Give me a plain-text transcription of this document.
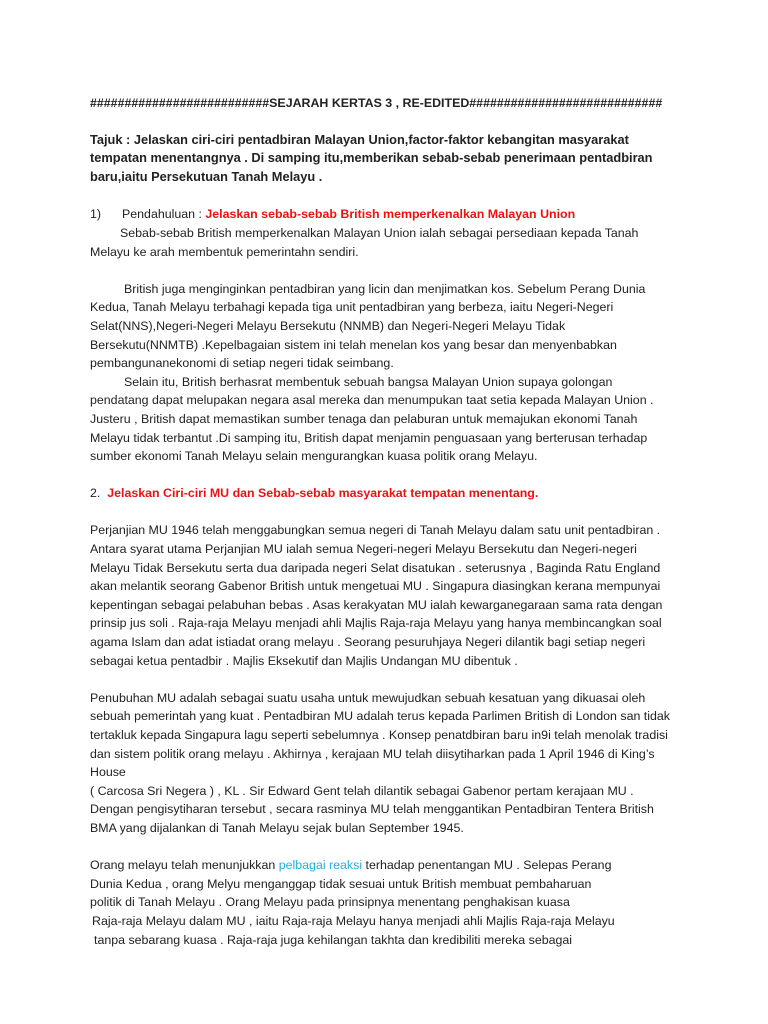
##########################SEJARAH KERTAS 3 , RE-EDITED############################
Tajuk : Jelaskan ciri-ciri pentadbiran Malayan Union,factor-faktor kebangitan masyarakat
tempatan menentangnya . Di samping itu,memberikan sebab-sebab penerimaan pentadbiran
baru,iaitu Persekutuan Tanah Melayu .
1) Pendahuluan : Jelaskan sebab-sebab British memperkenalkan Malayan Union
Sebab-sebab British memperkenalkan Malayan Union ialah sebagai persediaan kepada Tanah
Melayu ke arah membentuk pemerintahn sendiri.
British juga menginginkan pentadbiran yang licin dan menjimatkan kos. Sebelum Perang Dunia
Kedua, Tanah Melayu terbahagi kepada tiga unit pentadbiran yang berbeza, iaitu Negeri-Negeri
Selat(NNS),Negeri-Negeri Melayu Bersekutu (NNMB) dan Negeri-Negeri Melayu Tidak
Bersekutu(NNMTB) .Kepelbagaian sistem ini telah menelan kos yang besar dan menyenbabkan
pembangunanekonomi di setiap negeri tidak seimbang.
Selain itu, British berhasrat membentuk sebuah bangsa Malayan Union supaya golongan
pendatang dapat melupakan negara asal mereka dan menumpukan taat setia kepada Malayan Union .
Justeru , British dapat memastikan sumber tenaga dan pelaburan untuk memajukan ekonomi Tanah
Melayu tidak terbantut .Di samping itu, British dapat menjamin penguasaan yang berterusan terhadap
sumber ekonomi Tanah Melayu selain mengurangkan kuasa politik orang Melayu.
2. Jelaskan Ciri-ciri MU dan Sebab-sebab masyarakat tempatan menentang.
Perjanjian MU 1946 telah menggabungkan semua negeri di Tanah Melayu dalam satu unit pentadbiran .
Antara syarat utama Perjanjian MU ialah semua Negeri-negeri Melayu Bersekutu dan Negeri-negeri
Melayu Tidak Bersekutu serta dua daripada negeri Selat disatukan . seterusnya , Baginda Ratu England
akan melantik seorang Gabenor British untuk mengetuai MU . Singapura diasingkan kerana mempunyai
kepentingan sebagai pelabuhan bebas . Asas kerakyatan MU ialah kewarganegaraan sama rata dengan
prinsip jus soli . Raja-raja Melayu menjadi ahli Majlis Raja-raja Melayu yang hanya membincangkan soal
agama Islam dan adat istiadat orang melayu . Seorang pesuruhjaya Negeri dilantik bagi setiap negeri
sebagai ketua pentadbir . Majlis Eksekutif dan Majlis Undangan MU dibentuk .
Penubuhan MU adalah sebagai suatu usaha untuk mewujudkan sebuah kesatuan yang dikuasai oleh
sebuah pemerintah yang kuat . Pentadbiran MU adalah terus kepada Parlimen British di London san tidak
tertakluk kepada Singapura lagu seperti sebelumnya . Konsep penatdbiran baru in9i telah menolak tradisi
dan sistem politik orang melayu . Akhirnya , kerajaan MU telah diisytiharkan pada 1 April 1946 di King’s
House
( Carcosa Sri Negera ) , KL . Sir Edward Gent telah dilantik sebagai Gabenor pertam kerajaan MU .
Dengan pengisytiharan tersebut , secara rasminya MU telah menggantikan Pentadbiran Tentera British
BMA yang dijalankan di Tanah Melayu sejak bulan September 1945.
Orang melayu telah menunjukkan pelbagai reaksi terhadap penentangan MU . Selepas Perang
Dunia Kedua , orang Melyu menganggap tidak sesuai untuk British membuat pembaharuan
politik di Tanah Melayu . Orang Melayu pada prinsipnya menentang penghakisan kuasa
Raja-raja Melayu dalam MU , iaitu Raja-raja Melayu hanya menjadi ahli Majlis Raja-raja Melayu
tanpa sebarang kuasa . Raja-raja juga kehilangan takhta dan kredibiliti mereka sebagai
